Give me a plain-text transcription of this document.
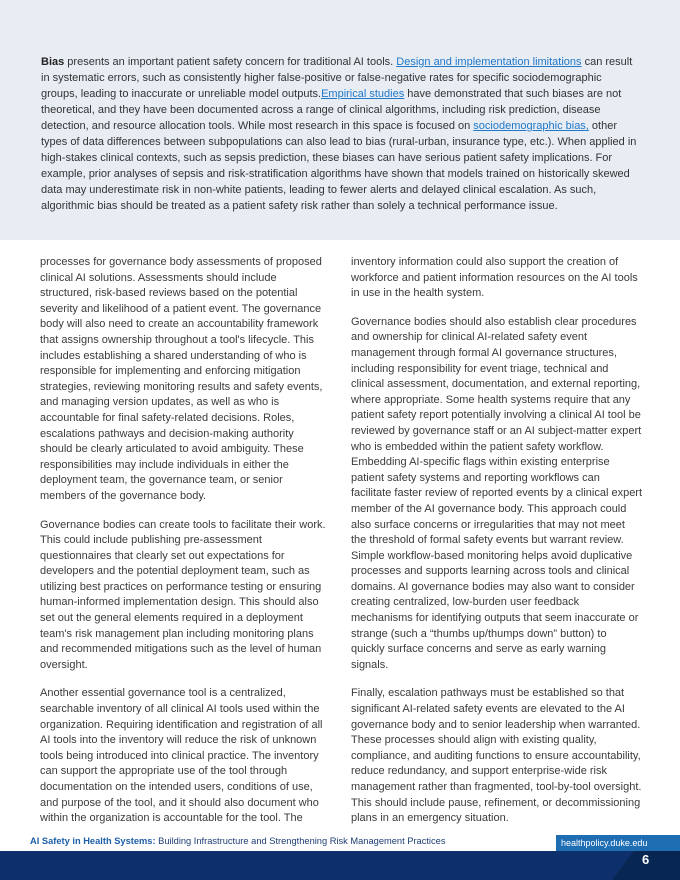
Bias presents an important patient safety concern for traditional AI tools. Design and implementation limitations can result in systematic errors, such as consistently higher false-positive or false-negative rates for specific sociodemographic groups, leading to inaccurate or unreliable model outputs.Empirical studies have demonstrated that such biases are not theoretical, and they have been documented across a range of clinical algorithms, including risk prediction, disease detection, and resource allocation tools. While most research in this space is focused on sociodemographic bias, other types of data differences between subpopulations can also lead to bias (rural-urban, insurance type, etc.). When applied in high-stakes clinical contexts, such as sepsis prediction, these biases can have serious patient safety implications. For example, prior analyses of sepsis and risk-stratification algorithms have shown that models trained on historically skewed data may underestimate risk in non-white patients, leading to fewer alerts and delayed clinical escalation. As such, algorithmic bias should be treated as a patient safety risk rather than solely a technical performance issue.

processes for governance body assessments of proposed clinical AI solutions. Assessments should include structured, risk-based reviews based on the potential severity and likelihood of a patient event. The governance body will also need to create an accountability framework that assigns ownership throughout a tool's lifecycle. This includes establishing a shared understanding of who is responsible for implementing and enforcing mitigation strategies, reviewing monitoring results and safety events, and managing version updates, as well as who is accountable for final safety-related decisions. Roles, escalations pathways and decision-making authority should be clearly articulated to avoid ambiguity. These responsibilities may include individuals in either the deployment team, the governance team, or senior members of the governance body.

Governance bodies can create tools to facilitate their work. This could include publishing pre-assessment questionnaires that clearly set out expectations for developers and the potential deployment team, such as utilizing best practices on performance testing or ensuring human-informed implementation design. This should also set out the general elements required in a deployment team's risk management plan including monitoring plans and recommended mitigations such as the level of human oversight.

Another essential governance tool is a centralized, searchable inventory of all clinical AI tools used within the organization. Requiring identification and registration of all AI tools into the inventory will reduce the risk of unknown tools being introduced into clinical practice. The inventory can support the appropriate use of the tool through documentation on the intended users, conditions of use, and purpose of the tool, and it should also document who within the organization is accountable for the tool. The

inventory information could also support the creation of workforce and patient information resources on the AI tools in use in the health system.

Governance bodies should also establish clear procedures and ownership for clinical AI-related safety event management through formal AI governance structures, including responsibility for event triage, technical and clinical assessment, documentation, and external reporting, where appropriate. Some health systems require that any patient safety report potentially involving a clinical AI tool be reviewed by governance staff or an AI subject-matter expert who is embedded within the patient safety workflow. Embedding AI-specific flags within existing enterprise patient safety systems and reporting workflows can facilitate faster review of reported events by a clinical expert member of the AI governance body. This approach could also surface concerns or irregularities that may not meet the threshold of formal safety events but warrant review. Simple workflow-based monitoring helps avoid duplicative processes and supports learning across tools and clinical domains. AI governance bodies may also want to consider creating centralized, low-burden user feedback mechanisms for identifying outputs that seem inaccurate or strange (such a “thumbs up/thumps down” button) to quickly surface concerns and serve as early warning signals.

Finally, escalation pathways must be established so that significant AI-related safety events are elevated to the AI governance body and to senior leadership when warranted. These processes should align with existing quality, compliance, and auditing functions to ensure accountability, reduce redundancy, and support enterprise-wide risk management rather than fragmented, tool-by-tool oversight. This should include pause, refinement, or decommissioning plans in an emergency situation.

AI Safety in Health Systems: Building Infrastructure and Strengthening Risk Management Practices	healthpolicy.duke.edu
6
